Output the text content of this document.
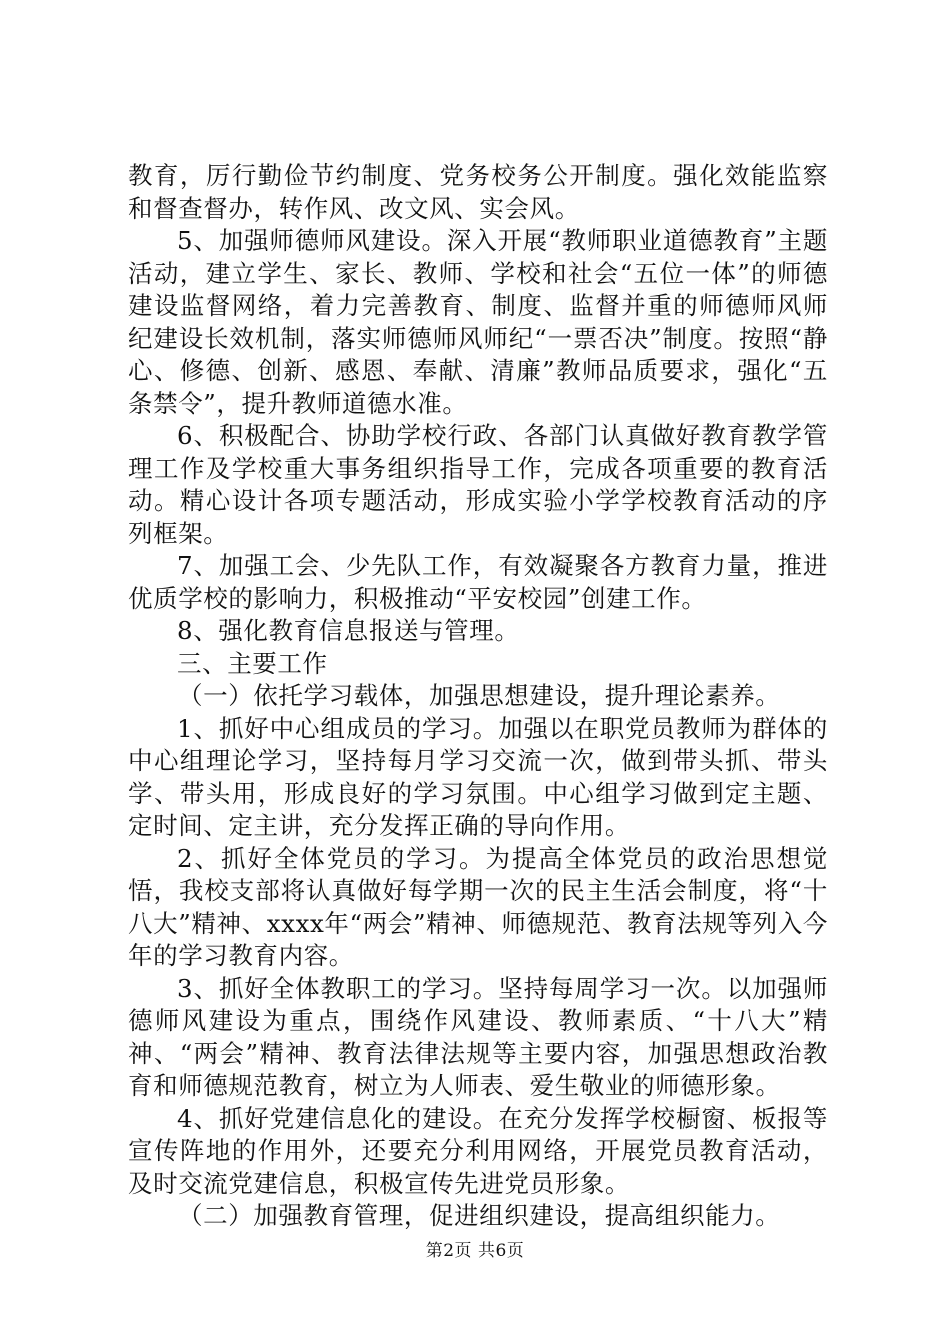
教育，厉行勤俭节约制度、党务校务公开制度。强化效能监察和督查督办，转作风、改文风、实会风。

5、加强师德师风建设。深入开展“教师职业道德教育”主题活动，建立学生、家长、教师、学校和社会“五位一体”的师德建设监督网络，着力完善教育、制度、监督并重的师德师风师纪建设长效机制，落实师德师风师纪“一票否决”制度。按照“静心、修德、创新、感恩、奉献、清廉”教师品质要求，强化“五条禁令”，提升教师道德水准。

6、积极配合、协助学校行政、各部门认真做好教育教学管理工作及学校重大事务组织指导工作，完成各项重要的教育活动。精心设计各项专题活动，形成实验小学学校教育活动的序列框架。

7、加强工会、少先队工作，有效凝聚各方教育力量，推进优质学校的影响力，积极推动“平安校园”创建工作。

8、强化教育信息报送与管理。

三、主要工作

（一）依托学习载体，加强思想建设，提升理论素养。

1、抓好中心组成员的学习。加强以在职党员教师为群体的中心组理论学习，坚持每月学习交流一次，做到带头抓、带头学、带头用，形成良好的学习氛围。中心组学习做到定主题、定时间、定主讲，充分发挥正确的导向作用。

2、抓好全体党员的学习。为提高全体党员的政治思想觉悟，我校支部将认真做好每学期一次的民主生活会制度，将“十八大”精神、xxxx年“两会”精神、师德规范、教育法规等列入今年的学习教育内容。

3、抓好全体教职工的学习。坚持每周学习一次。以加强师德师风建设为重点，围绕作风建设、教师素质、“十八大”精神、“两会”精神、教育法律法规等主要内容，加强思想政治教育和师德规范教育，树立为人师表、爱生敬业的师德形象。

4、抓好党建信息化的建设。在充分发挥学校橱窗、板报等宣传阵地的作用外，还要充分利用网络，开展党员教育活动，及时交流党建信息，积极宣传先进党员形象。

（二）加强教育管理，促进组织建设，提高组织能力。

第2页 共6页
